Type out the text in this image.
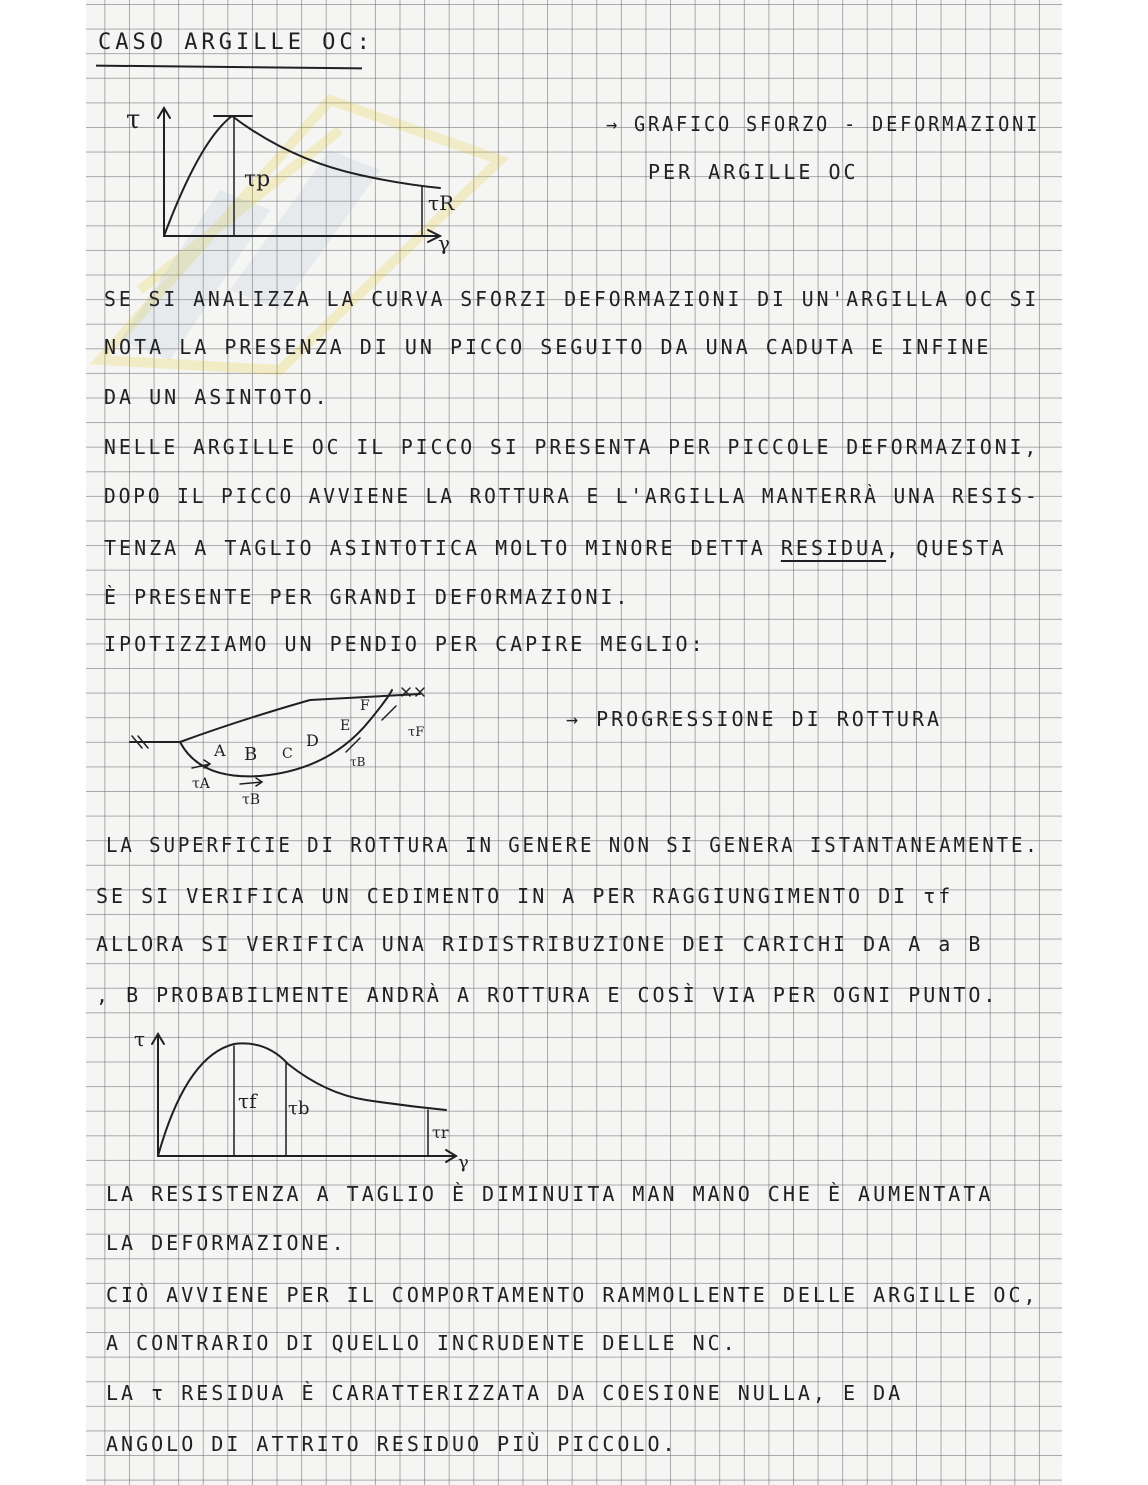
CASO ARGILLE OC:

τ
γ
τp
τR

→ GRAFICO SFORZO - DEFORMAZIONI

PER ARGILLE OC

SE SI ANALIZZA LA CURVA SFORZI DEFORMAZIONI DI UN'ARGILLA OC SI

NOTA LA PRESENZA DI UN PICCO SEGUITO DA UNA CADUTA E INFINE

DA UN ASINTOTO.

NELLE ARGILLE OC IL PICCO SI PRESENTA PER PICCOLE DEFORMAZIONI,

DOPO IL PICCO AVVIENE LA ROTTURA E L'ARGILLA MANTERRÀ UNA RESIS-

TENZA A TAGLIO ASINTOTICA MOLTO MINORE DETTA RESIDUA, QUESTA

È PRESENTE PER GRANDI DEFORMAZIONI.

IPOTIZZIAMO UN PENDIO PER CAPIRE MEGLIO:

A B C
D
E
F
τA
τB
τB
τF

→ PROGRESSIONE DI ROTTURA

LA SUPERFICIE DI ROTTURA IN GENERE NON SI GENERA ISTANTANEAMENTE.

SE SI VERIFICA UN CEDIMENTO IN A PER RAGGIUNGIMENTO DI τf

ALLORA SI VERIFICA UNA RIDISTRIBUZIONE DEI CARICHI DA A a B

, B PROBABILMENTE ANDRÀ A ROTTURA E COSÌ VIA PER OGNI PUNTO.

τ
γ
τf τb
τr

LA RESISTENZA A TAGLIO È DIMINUITA MAN MANO CHE È AUMENTATA

LA DEFORMAZIONE.

CIÒ AVVIENE PER IL COMPORTAMENTO RAMMOLLENTE DELLE ARGILLE OC,

A CONTRARIO DI QUELLO INCRUDENTE DELLE NC.

LA τ RESIDUA È CARATTERIZZATA DA COESIONE NULLA, E DA

ANGOLO DI ATTRITO RESIDUO PIÙ PICCOLO.
